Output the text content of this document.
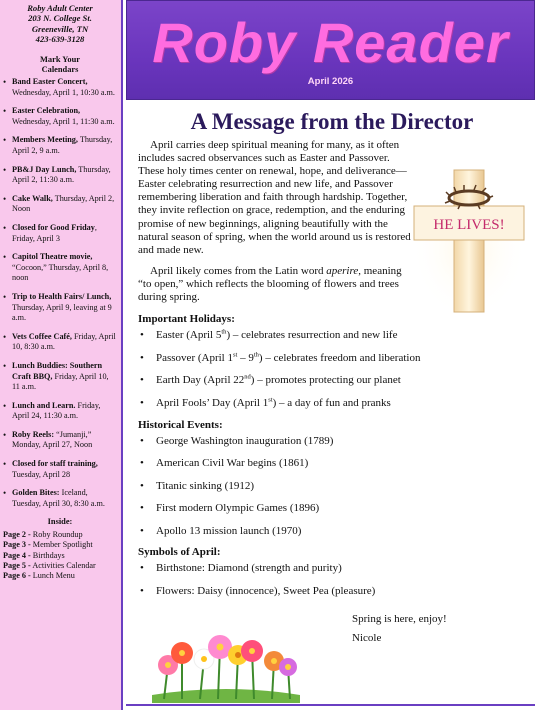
Roby Adult Center
203 N. College St.
Greeneville, TN
423-639-3128
Mark Your
Calendars
• Band Easter Concert, Wednesday, April 1, 10:30 a.m.
• Easter Celebration, Wednesday, April 1, 11:30 a.m.
• Members Meeting, Thursday, April 2, 9 a.m.
• PB&J Day Lunch, Thursday, April 2, 11:30 a.m.
• Cake Walk, Thursday, April 2, Noon
• Closed for Good Friday, Friday, April 3
• Capitol Theatre movie, “Cocoon,” Thursday, April 8, noon
• Trip to Health Fairs/ Lunch, Thursday, April 9, leaving at 9 a.m.
• Vets Coffee Café, Friday, April 10, 8:30 a.m.
• Lunch Buddies: Southern Craft BBQ, Friday, April 10, 11 a.m.
• Lunch and Learn. Friday, April 24, 11:30 a.m.
• Roby Reels: “Jumanji,” Monday, April 27, Noon
• Closed for staff training, Tuesday, April 28
• Golden Bites: Iceland, Tuesday, April 30, 8:30 a.m.
Inside:
Page 2 - Roby Roundup
Page 3 - Member Spotlight
Page 4 - Birthdays
Page 5 - Activities Calendar
Page 6 - Lunch Menu
Roby Reader
April 2026
A Message from the Director

April carries deep spiritual meaning for many, as it often includes sacred observances such as Easter and Passover. These holy times center on renewal, hope, and deliverance—Easter celebrating resurrection and new life, and Passover remembering liberation and faith through hardship. Together, they invite reflection on grace, redemption, and the enduring promise of new beginnings, aligning beautifully with the natural season of spring, when the world around us is restored and made new.

April likely comes from the Latin word aperire, meaning “to open,” which reflects the blooming of flowers and trees during spring.

Important Holidays:
• Easter (April 5th) – celebrates resurrection and new life
• Passover (April 1st – 9th) – celebrates freedom and liberation
• Earth Day (April 22nd) – promotes protecting our planet
• April Fools’ Day (April 1st) – a day of fun and pranks
Historical Events:
• George Washington inauguration (1789)
• American Civil War begins (1861)
• Titanic sinking (1912)
• First modern Olympic Games (1896)
• Apollo 13 mission launch (1970)
Symbols of April:
• Birthstone: Diamond (strength and purity)
• Flowers: Daisy (innocence), Sweet Pea (pleasure)
HE LIVES!
Spring is here, enjoy!
Nicole
